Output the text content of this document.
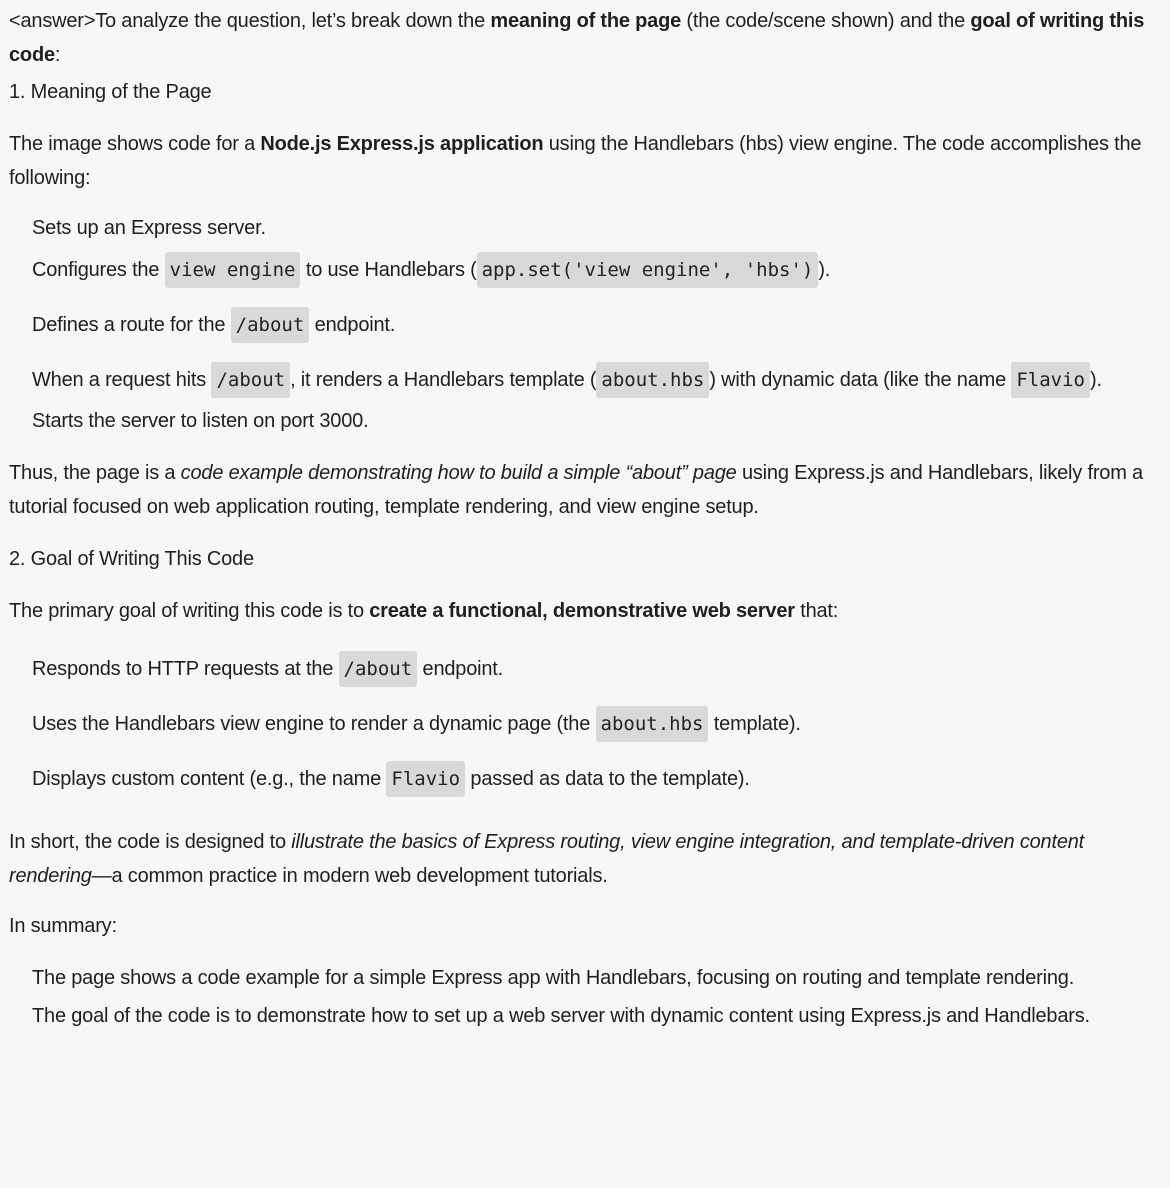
<answer>To analyze the question, let’s break down the meaning of the page (the code/scene shown) and the goal of writing this code:

1. Meaning of the Page

The image shows code for a Node.js Express.js application using the Handlebars (hbs) view engine. The code accomplishes the following:

Sets up an Express server.

Configures the view engine to use Handlebars ( app.set('view engine', 'hbs') ).

Defines a route for the /about endpoint.

When a request hits /about , it renders a Handlebars template ( about.hbs ) with dynamic data (like the name Flavio ).

Starts the server to listen on port 3000.

Thus, the page is a code example demonstrating how to build a simple “about” page using Express.js and Handlebars, likely from a tutorial focused on web application routing, template rendering, and view engine setup.

2. Goal of Writing This Code

The primary goal of writing this code is to create a functional, demonstrative web server that:

Responds to HTTP requests at the /about endpoint.

Uses the Handlebars view engine to render a dynamic page (the about.hbs template).

Displays custom content (e.g., the name Flavio passed as data to the template).

In short, the code is designed to illustrate the basics of Express routing, view engine integration, and template-driven content rendering—a common practice in modern web development tutorials.

In summary:

The page shows a code example for a simple Express app with Handlebars, focusing on routing and template rendering.

The goal of the code is to demonstrate how to set up a web server with dynamic content using Express.js and Handlebars.
